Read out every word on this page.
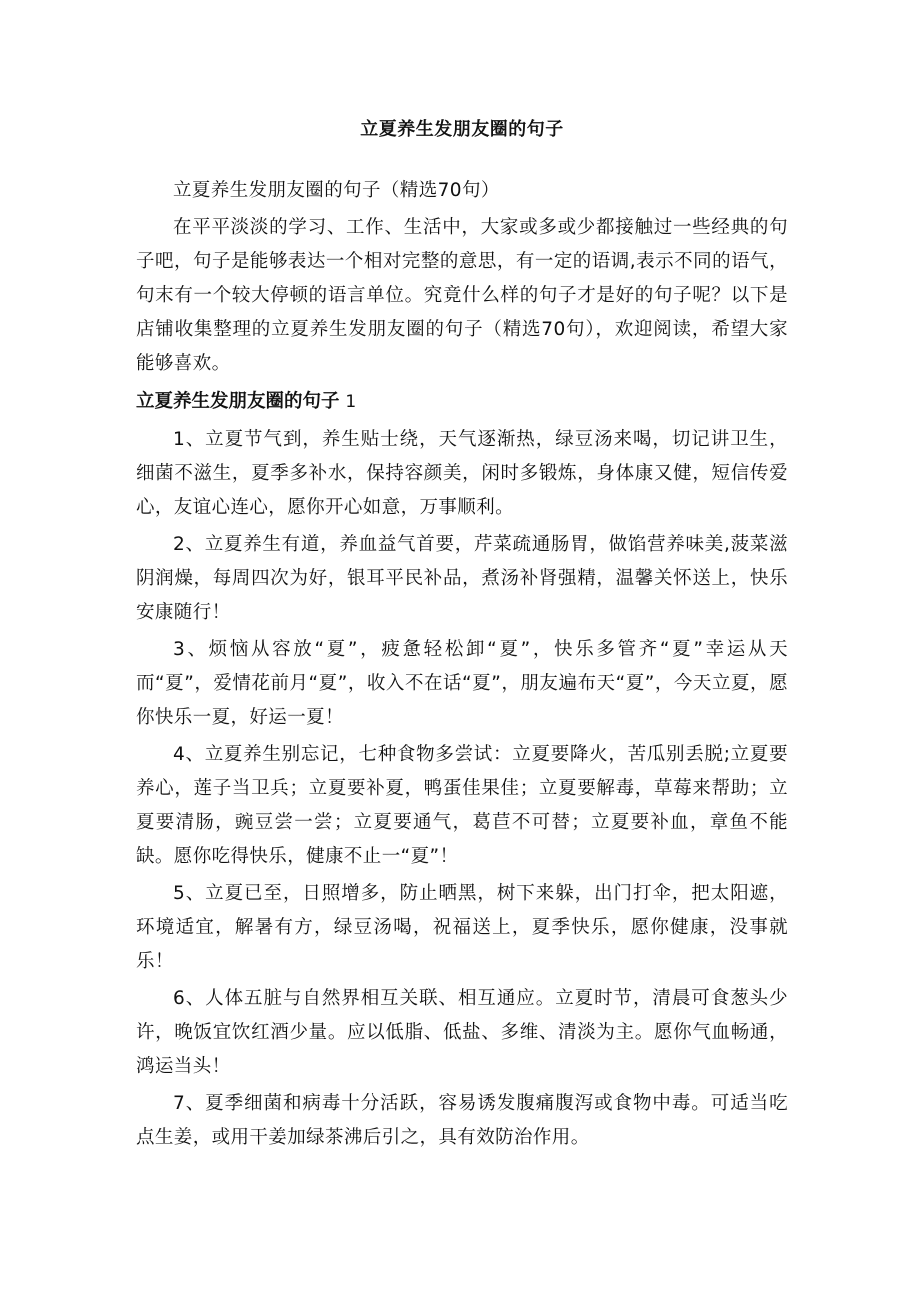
立夏养生发朋友圈的句子

立夏养生发朋友圈的句子（精选70句）

在平平淡淡的学习、工作、生活中，大家或多或少都接触过一些经典的句子吧，句子是能够表达一个相对完整的意思，有一定的语调,表示不同的语气，句末有一个较大停顿的语言单位。究竟什么样的句子才是好的句子呢？以下是店铺收集整理的立夏养生发朋友圈的句子（精选70句），欢迎阅读，希望大家能够喜欢。

立夏养生发朋友圈的句子 1
1、立夏节气到，养生贴士绕，天气逐渐热，绿豆汤来喝，切记讲卫生，细菌不滋生，夏季多补水，保持容颜美，闲时多锻炼，身体康又健，短信传爱心，友谊心连心，愿你开心如意，万事顺利。
2、立夏养生有道，养血益气首要，芹菜疏通肠胃，做馅营养味美,菠菜滋阴润燥，每周四次为好，银耳平民补品，煮汤补肾强精，温馨关怀送上，快乐安康随行！
3、烦恼从容放“夏”，疲惫轻松卸“夏”，快乐多管齐“夏”幸运从天而“夏”，爱情花前月“夏”，收入不在话“夏”，朋友遍布天“夏”，今天立夏，愿你快乐一夏，好运一夏！
4、立夏养生别忘记，七种食物多尝试：立夏要降火，苦瓜别丢脱;立夏要养心，莲子当卫兵；立夏要补夏，鸭蛋佳果佳；立夏要解毒，草莓来帮助；立夏要清肠，豌豆尝一尝；立夏要通气，葛苣不可替；立夏要补血，章鱼不能缺。愿你吃得快乐，健康不止一“夏”！
5、立夏已至，日照增多，防止晒黑，树下来躲，出门打伞，把太阳遮，环境适宜，解暑有方，绿豆汤喝，祝福送上，夏季快乐，愿你健康，没事就乐！
6、人体五脏与自然界相互关联、相互通应。立夏时节，清晨可食葱头少许，晚饭宜饮红酒少量。应以低脂、低盐、多维、清淡为主。愿你气血畅通，鸿运当头！
7、夏季细菌和病毒十分活跃，容易诱发腹痛腹泻或食物中毒。可适当吃点生姜，或用干姜加绿茶沸后引之，具有效防治作用。
